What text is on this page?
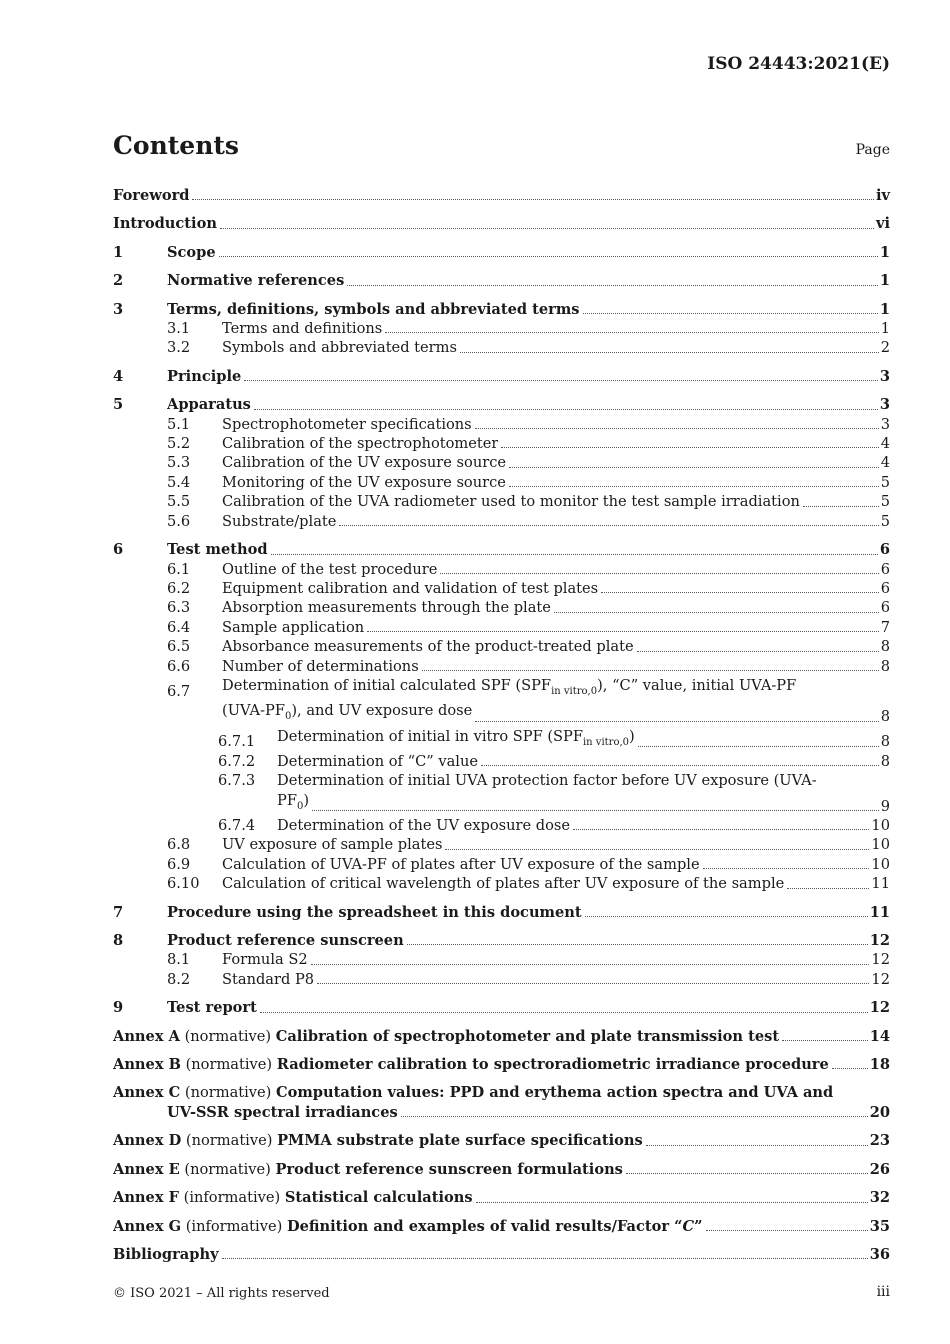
ISO 24443:2021(E)
Contents	Page
Foreword	iv
Introduction	vi
1	Scope	1
2	Normative references	1
3	Terms, definitions, symbols and abbreviated terms	1
3.1	Terms and definitions	1
3.2	Symbols and abbreviated terms	2
4	Principle	3
5	Apparatus	3
5.1	Spectrophotometer specifications	3
5.2	Calibration of the spectrophotometer	4
5.3	Calibration of the UV exposure source	4
5.4	Monitoring of the UV exposure source	5
5.5	Calibration of the UVA radiometer used to monitor the test sample irradiation	5
5.6	Substrate/plate	5
6	Test method	6
6.1	Outline of the test procedure	6
6.2	Equipment calibration and validation of test plates	6
6.3	Absorption measurements through the plate	6
6.4	Sample application	7
6.5	Absorbance measurements of the product-treated plate	8
6.6	Number of determinations	8
6.7	Determination of initial calculated SPF $(SPF_{in vitro,0})$, “C” value, initial UVA-PF
$(UVA-PF_0)$, and UV exposure dose	8
6.7.1	Determination of initial in vitro SPF $(SPF_{in vitro,0})$	8
6.7.2	Determination of “C” value	8
6.7.3	Determination of initial UVA protection factor before UV exposure (UVA-
$PF_0$)	9
6.7.4	Determination of the UV exposure dose	10
6.8	UV exposure of sample plates	10
6.9	Calculation of UVA-PF of plates after UV exposure of the sample	10
6.10	Calculation of critical wavelength of plates after UV exposure of the sample	11
7	Procedure using the spreadsheet in this document	11
8	Product reference sunscreen	12
8.1	Formula S2	12
8.2	Standard P8	12
9	Test report	12
Annex A (normative) Calibration of spectrophotometer and plate transmission test	14
Annex B (normative) Radiometer calibration to spectroradiometric irradiance procedure	18
Annex C (normative) Computation values: PPD and erythema action spectra and UVA and
UV-SSR spectral irradiances	20
Annex D (normative) PMMA substrate plate surface specifications	23
Annex E (normative) Product reference sunscreen formulations	26
Annex F (informative) Statistical calculations	32
Annex G (informative) Definition and examples of valid results/Factor “C”	35
Bibliography	36
© ISO 2021 – All rights reserved	iii
